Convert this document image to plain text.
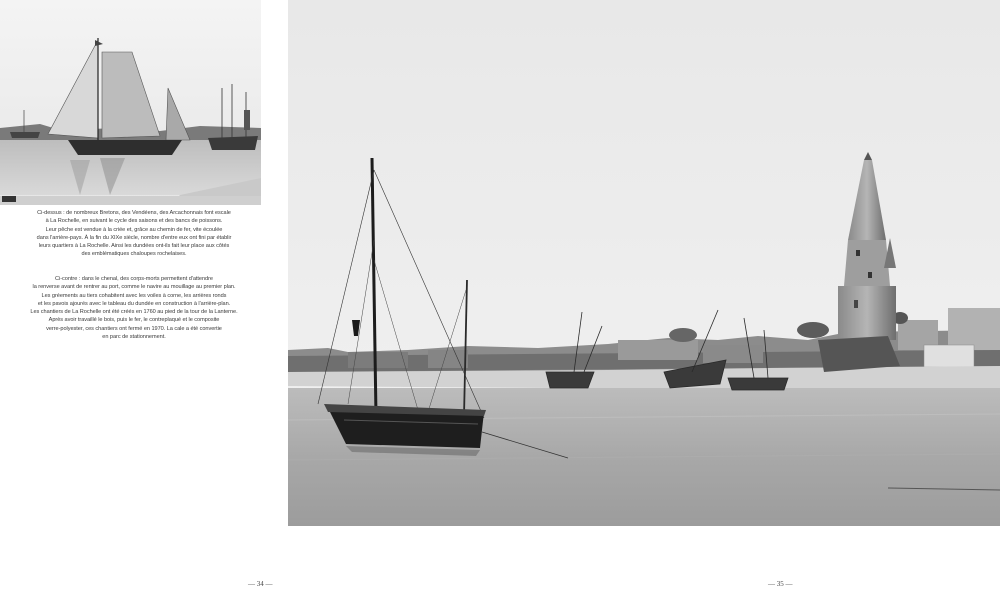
Ci-dessus : de nombreux Bretons, des Vendéens, des Arcachonnais font escale
à La Rochelle, en suivant le cycle des saisons et des bancs de poissons.
Leur pêche est vendue à la criée et, grâce au chemin de fer, vite écoulée
dans l'arrière-pays. À la fin du XIXe siècle, nombre d'entre eux ont fini par établir
leurs quartiers à La Rochelle. Ainsi les dundées ont-ils fait leur place aux côtés
des emblématiques chaloupes rochelaises.
Ci-contre : dans le chenal, des corps-morts permettent d'attendre
la renverse avant de rentrer au port, comme le navire au mouillage au premier plan.
Les gréements au tiers cohabitent avec les voiles à corne, les arrières ronds
et les pavois ajourés avec le tableau du dundée en construction à l'arrière-plan.
Les chantiers de La Rochelle ont été créés en 1760 au pied de la tour de la Lanterne.
Après avoir travaillé le bois, puis le fer, le contreplaqué et le composite
verre-polyester, ces chantiers ont fermé en 1970. La cale a été convertie
en parc de stationnement.
— 34 —	— 35 —
